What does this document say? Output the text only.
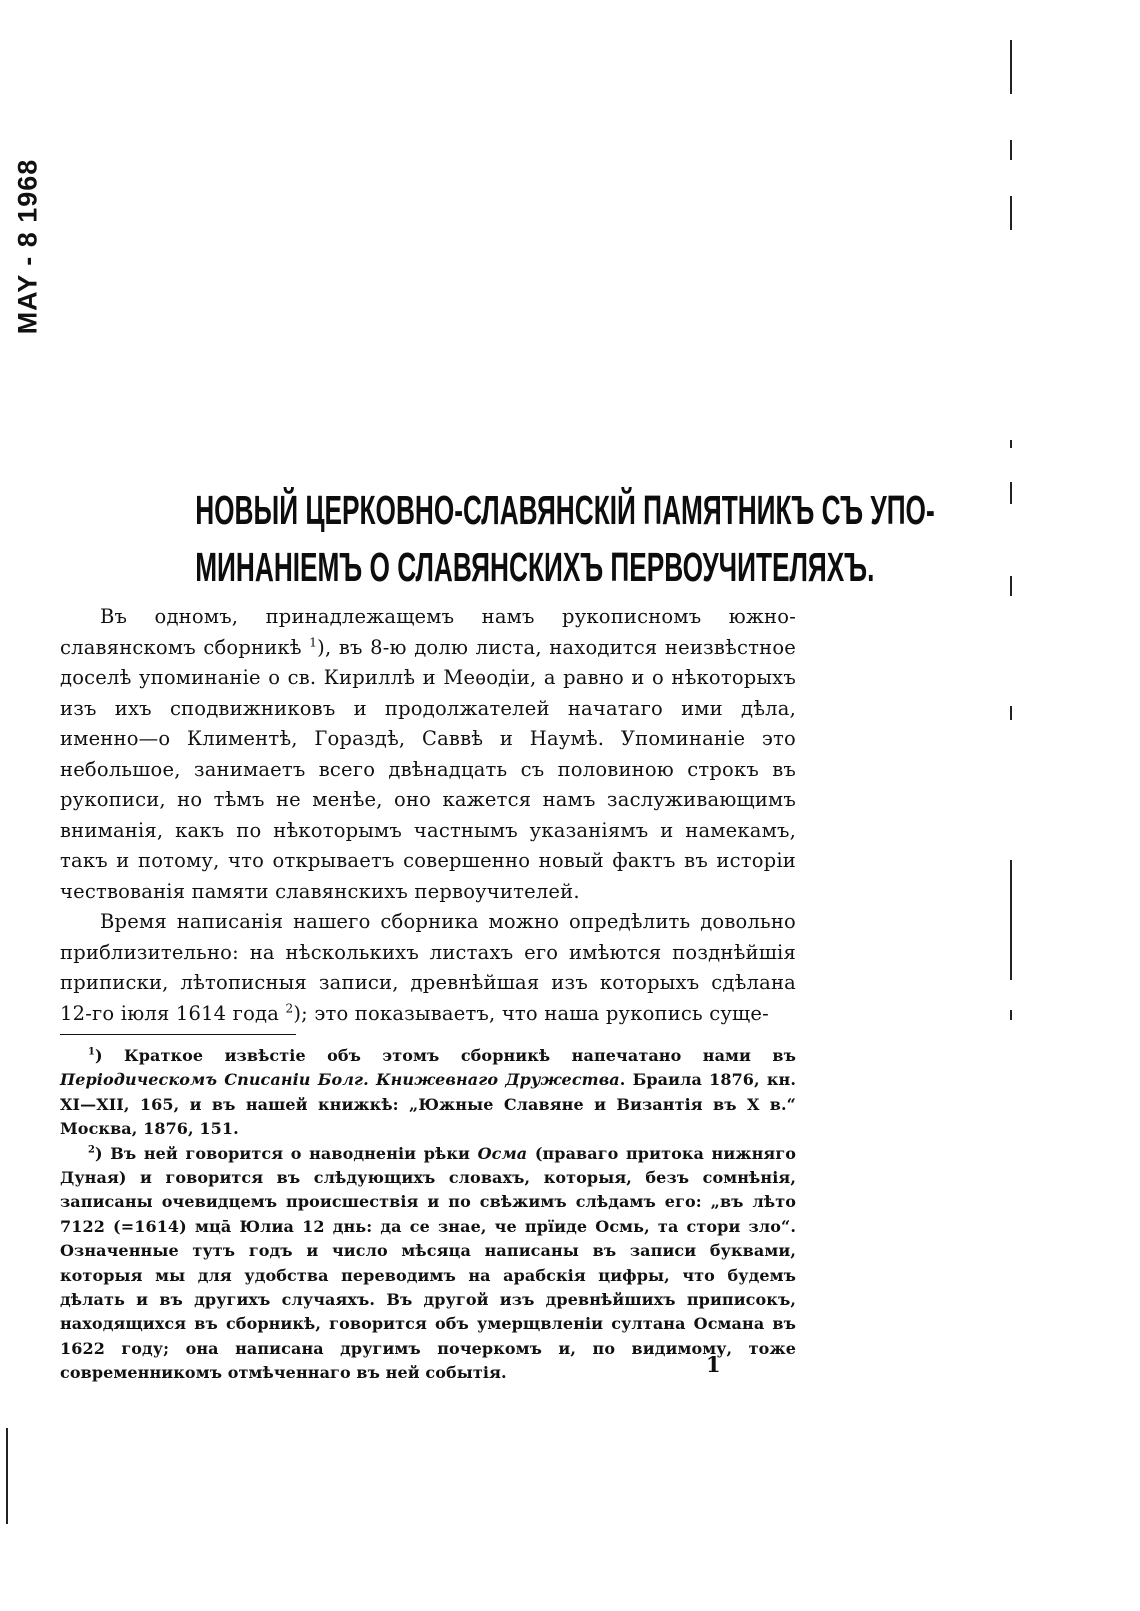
MAY - 8 1968
НОВЫЙ ЦЕРКОВНО-СЛАВЯНСКІЙ ПАМЯТНИКЪ СЪ УПО-
МИНАНІЕМЪ О СЛАВЯНСКИХЪ ПЕРВОУЧИТЕЛЯХЪ.

Въ одномъ, принадлежащемъ намъ рукописномъ южно-славянскомъ сборникѣ $^1$), въ 8-ю долю листа, находится неизвѣстное доселѣ упоминаніе о св. Кириллѣ и Меѳодіи, а равно и о нѣкоторыхъ изъ ихъ сподвижниковъ и продолжателей начатаго ими дѣла, именно—о Климентѣ, Гораздѣ, Саввѣ и Наумѣ. Упоминаніе это небольшое, занимаетъ всего двѣнадцать съ половиною строкъ въ рукописи, но тѣмъ не менѣе, оно кажется намъ заслуживающимъ вниманія, какъ по нѣкоторымъ частнымъ указаніямъ и намекамъ, такъ и потому, что открываетъ совершенно новый фактъ въ исторіи чествованія памяти славянскихъ первоучителей.

Время написанія нашего сборника можно опредѣлить довольно приблизительно: на нѣсколькихъ листахъ его имѣются позднѣйшія приписки, лѣтописныя записи, древнѣйшая изъ которыхъ сдѣлана 12-го іюля 1614 года $^2$); это показываетъ, что наша рукопись суще-

$^1$) Краткое извѣстіе объ этомъ сборникѣ напечатано нами въ Періодическомъ Списаніи Болг. Книжевнаго Дружества. Браила 1876, кн. XI—XII, 165, и въ нашей книжкѣ: „Южные Славяне и Византія въ X в.“ Москва, 1876, 151.

$^2$) Въ ней говорится о наводненіи рѣки Осма (праваго притока нижняго Дуная) и говорится въ слѣдующихъ словахъ, которыя, безъ сомнѣнія, записаны очевидцемъ происшествія и по свѣжимъ слѣдамъ его: „въ лѣто 7122 (=1614) мцā Юлиа 12 днь: да се знае, че прїиде Осмь, та стори зло“. Означенные тутъ годъ и число мѣсяца написаны въ записи буквами, которыя мы для удобства переводимъ на арабскія цифры, что будемъ дѣлать и въ другихъ случаяхъ. Въ другой изъ древнѣйшихъ приписокъ, находящихся въ сборникѣ, говорится объ умерщвленіи султана Османа въ 1622 году; она написана другимъ почеркомъ и, по видимому, тоже современникомъ отмѣченнаго въ ней событія.	1
